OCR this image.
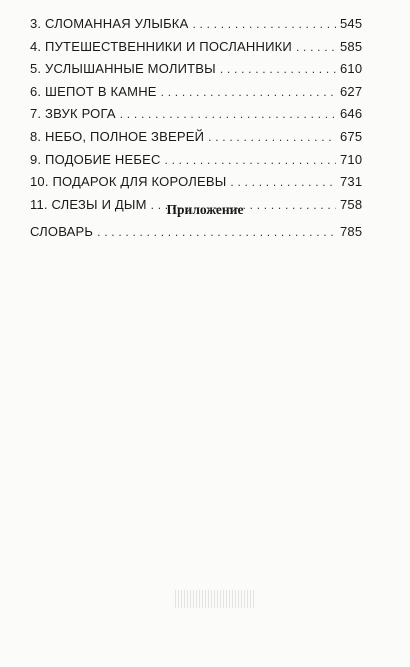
3. СЛОМАННАЯ УЛЫБКА . . .	545
4. ПУТЕШЕСТВЕННИКИ И ПОСЛАННИКИ . . .	585
5. УСЛЫШАННЫЕ МОЛИТВЫ . . .	610
6. ШЕПОТ В КАМНЕ . . .	627
7. ЗВУК РОГА . . .	646
8. НЕБО, ПОЛНОЕ ЗВЕРЕЙ . . .	675
9. ПОДОБИЕ НЕБЕС . . .	710
10. ПОДАРОК ДЛЯ КОРОЛЕВЫ . . .	731
11. СЛЕЗЫ И ДЫМ . . .	758
Приложение
СЛОВАРЬ . . .	785
